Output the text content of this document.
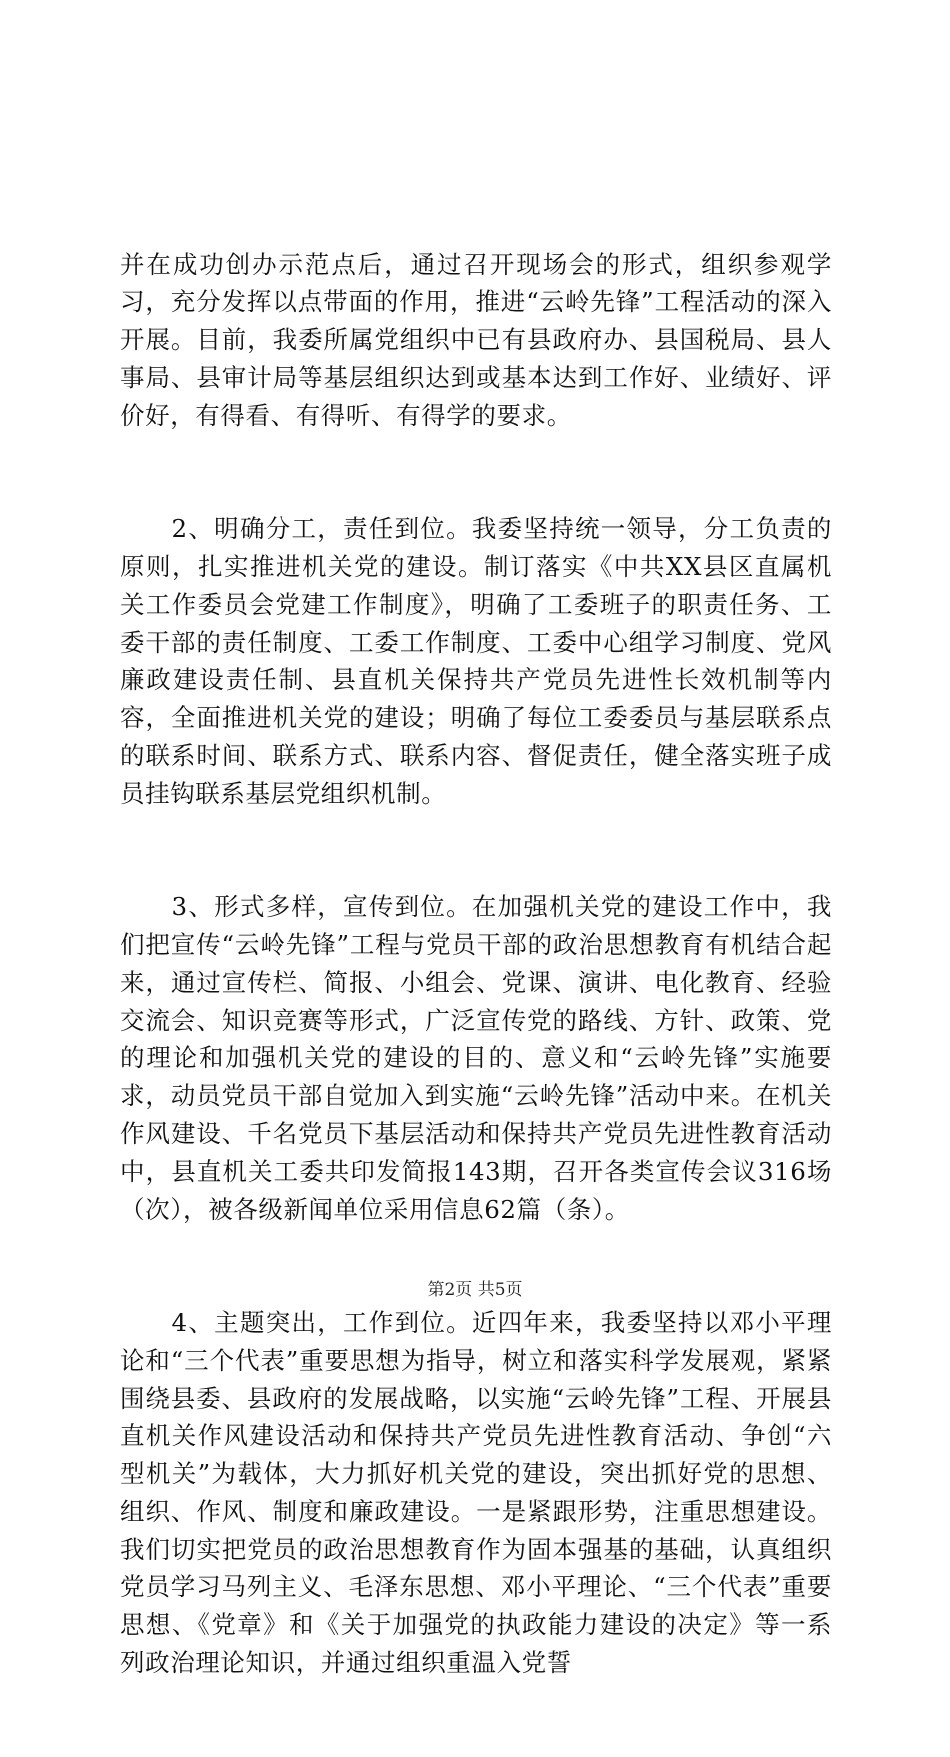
并在成功创办示范点后，通过召开现场会的形式，组织参观学习，充分发挥以点带面的作用，推进“云岭先锋”工程活动的深入开展。目前，我委所属党组织中已有县政府办、县国税局、县人事局、县审计局等基层组织达到或基本达到工作好、业绩好、评价好，有得看、有得听、有得学的要求。

　　2、明确分工，责任到位。我委坚持统一领导，分工负责的原则，扎实推进机关党的建设。制订落实《中共XX县区直属机关工作委员会党建工作制度》，明确了工委班子的职责任务、工委干部的责任制度、工委工作制度、工委中心组学习制度、党风廉政建设责任制、县直机关保持共产党员先进性长效机制等内容，全面推进机关党的建设；明确了每位工委委员与基层联系点的联系时间、联系方式、联系内容、督促责任，健全落实班子成员挂钩联系基层党组织机制。

　　3、形式多样，宣传到位。在加强机关党的建设工作中，我们把宣传“云岭先锋”工程与党员干部的政治思想教育有机结合起来，通过宣传栏、简报、小组会、党课、演讲、电化教育、经验交流会、知识竞赛等形式，广泛宣传党的路线、方针、政策、党的理论和加强机关党的建设的目的、意义和“云岭先锋”实施要求，动员党员干部自觉加入到实施“云岭先锋”活动中来。在机关作风建设、千名党员下基层活动和保持共产党员先进性教育活动中，县直机关工委共印发简报143期，召开各类宣传会议316场（次），被各级新闻单位采用信息62篇（条）。

　　4、主题突出，工作到位。近四年来，我委坚持以邓小平理论和“三个代表”重要思想为指导，树立和落实科学发展观，紧紧围绕县委、县政府的发展战略，以实施“云岭先锋”工程、开展县直机关作风建设活动和保持共产党员先进性教育活动、争创“六型机关”为载体，大力抓好机关党的建设，突出抓好党的思想、组织、作风、制度和廉政建设。一是紧跟形势，注重思想建设。我们切实把党员的政治思想教育作为固本强基的基础，认真组织党员学习马列主义、毛泽东思想、邓小平理论、“三个代表”重要思想、《党章》和《关于加强党的执政能力建设的决定》等一系列政治理论知识，并通过组织重温入党誓

第2页 共5页
